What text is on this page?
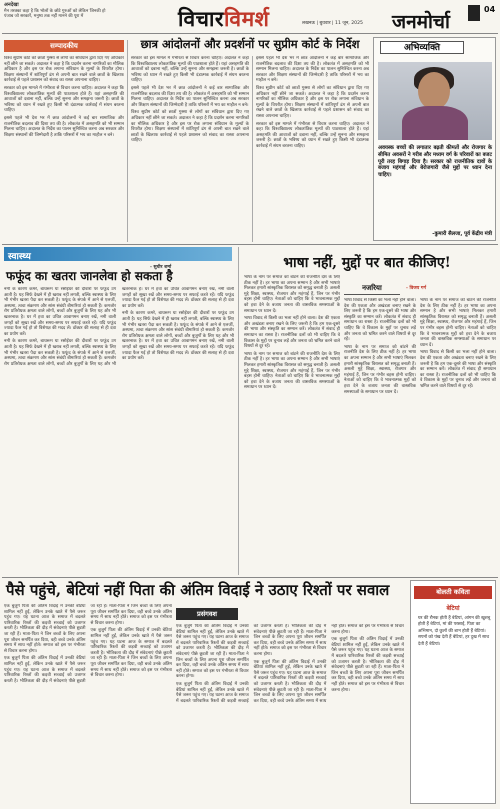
अनदेखा
मैन तरक्का कहा है कि भोलों के छोटे गुरुओं को लेकिन जिनकी हो पंजाब जो सरकारें, मनुष्य तक नहीं मानने की पूरा में	विचारविमर्श	लखनऊ | बुधवार | 11 जून, 2025 जनमोर्चा
04
सम्पादकीय	छात्र आंदोलनों और प्रदर्शनों पर सुप्रीम कोर्ट के निर्देश

विश्व सुप्रीम कोर्ट को छात्रों गुस्सा से लोगों का संविधान द्वारा दिए गए अधिकार नहीं छीने जा सकते। अदालत ने कहा है कि प्रदर्शन करना नागरिकों का मौलिक अधिकार है और इस पर रोक लगाना संविधान के मूल्यों के विपरीत होगा। शिक्षण संस्थानों में शांतिपूर्ण ढंग से अपनी बात रखने वाले छात्रों के खिलाफ कार्रवाई से पहले प्रशासन को संवाद का रास्ता अपनाना चाहिए।

सरकार को इस मामले में गंभीरता से विचार करना चाहिए। अदालत ने कहा कि विश्वविद्यालय लोकतांत्रिक मूल्यों की पाठशाला होते हैं। यहां असहमति की आवाजों को दबाना नहीं, बल्कि उन्हें सुनना और समझना जरूरी है। छात्रों के भविष्य को ध्यान में रखते हुए किसी भी दंडात्मक कार्रवाई में संयम बरतना चाहिए।

इससे पहले भी देश भर में छात्र आंदोलनों ने कई बार सामाजिक और राजनीतिक बदलाव की दिशा तय की है। लोकतंत्र में असहमति को भी सम्मान मिलना चाहिए। अदालत के निर्देश का पालन सुनिश्चित करना अब सरकार और शिक्षण संस्थानों की जिम्मेदारी है ताकि परिसरों में भय का माहौल न बने।

सरकार को इस मामले में गंभीरता से विचार करना चाहिए। अदालत ने कहा कि विश्वविद्यालय लोकतांत्रिक मूल्यों की पाठशाला होते हैं। यहां असहमति की आवाजों को दबाना नहीं, बल्कि उन्हें सुनना और समझना जरूरी है। छात्रों के भविष्य को ध्यान में रखते हुए किसी भी दंडात्मक कार्रवाई में संयम बरतना चाहिए।

इससे पहले भी देश भर में छात्र आंदोलनों ने कई बार सामाजिक और राजनीतिक बदलाव की दिशा तय की है। लोकतंत्र में असहमति को भी सम्मान मिलना चाहिए। अदालत के निर्देश का पालन सुनिश्चित करना अब सरकार और शिक्षण संस्थानों की जिम्मेदारी है ताकि परिसरों में भय का माहौल न बने।

विश्व सुप्रीम कोर्ट को छात्रों गुस्सा से लोगों का संविधान द्वारा दिए गए अधिकार नहीं छीने जा सकते। अदालत ने कहा है कि प्रदर्शन करना नागरिकों का मौलिक अधिकार है और इस पर रोक लगाना संविधान के मूल्यों के विपरीत होगा। शिक्षण संस्थानों में शांतिपूर्ण ढंग से अपनी बात रखने वाले छात्रों के खिलाफ कार्रवाई से पहले प्रशासन को संवाद का रास्ता अपनाना चाहिए।

इससे पहले भी देश भर में छात्र आंदोलनों ने कई बार सामाजिक और राजनीतिक बदलाव की दिशा तय की है। लोकतंत्र में असहमति को भी सम्मान मिलना चाहिए। अदालत के निर्देश का पालन सुनिश्चित करना अब सरकार और शिक्षण संस्थानों की जिम्मेदारी है ताकि परिसरों में भय का माहौल न बने।

विश्व सुप्रीम कोर्ट को छात्रों गुस्सा से लोगों का संविधान द्वारा दिए गए अधिकार नहीं छीने जा सकते। अदालत ने कहा है कि प्रदर्शन करना नागरिकों का मौलिक अधिकार है और इस पर रोक लगाना संविधान के मूल्यों के विपरीत होगा। शिक्षण संस्थानों में शांतिपूर्ण ढंग से अपनी बात रखने वाले छात्रों के खिलाफ कार्रवाई से पहले प्रशासन को संवाद का रास्ता अपनाना चाहिए।

सरकार को इस मामले में गंभीरता से विचार करना चाहिए। अदालत ने कहा कि विश्वविद्यालय लोकतांत्रिक मूल्यों की पाठशाला होते हैं। यहां असहमति की आवाजों को दबाना नहीं, बल्कि उन्हें सुनना और समझना जरूरी है। छात्रों के भविष्य को ध्यान में रखते हुए किसी भी दंडात्मक कार्रवाई में संयम बरतना चाहिए।

अभिव्यक्ति
अवयस्क बच्चों की लगातार बढ़ती कीमतों और रोजगार के सीमित अवसरों ने गरीब और मध्यम वर्ग के परिवारों का बजट पूरी तरह बिगाड़ दिया है। सरकार को राजनीतिक दावों के बजाय महंगाई और बेरोजगारी जैसे मुद्दों पर ध्यान देना चाहिए।
-कुमारी सैलजा, पूर्व केंद्रीय मंत्री
स्वास्थ्य
- सुधीर शर्मा
फफूंद का खतरा जानलेवा हो सकता है

नमी के कारण कमरे, बाथरूम या रसोईघर की दीवारों पर फफूंद उग आती है। यह सिर्फ देखने में ही खराब नहीं लगती, बल्कि स्वास्थ्य के लिए भी गंभीर खतरा पैदा कर सकती है। फफूंद के संपर्क में आने से एलर्जी, अस्थमा, त्वचा संक्रमण और सांस संबंधी बीमारियां हो सकती हैं। कमजोर रोग प्रतिरोधक क्षमता वाले लोगों, बच्चों और बुजुर्गों के लिए यह और भी खतरनाक है। घर में हवा का उचित आवागमन बनाए रखें, नमी वाली जगहों को सूखा रखें और समय-समय पर सफाई करते रहें। यदि फफूंद ज्यादा फैल गई हो तो विशेषज्ञ की मदद लें। डॉक्टर की सलाह से ही दवा का प्रयोग करें।

नमी के कारण कमरे, बाथरूम या रसोईघर की दीवारों पर फफूंद उग आती है। यह सिर्फ देखने में ही खराब नहीं लगती, बल्कि स्वास्थ्य के लिए भी गंभीर खतरा पैदा कर सकती है। फफूंद के संपर्क में आने से एलर्जी, अस्थमा, त्वचा संक्रमण और सांस संबंधी बीमारियां हो सकती हैं। कमजोर रोग प्रतिरोधक क्षमता वाले लोगों, बच्चों और बुजुर्गों के लिए यह और भी खतरनाक है। घर में हवा का उचित आवागमन बनाए रखें, नमी वाली जगहों को सूखा रखें और समय-समय पर सफाई करते रहें। यदि फफूंद ज्यादा फैल गई हो तो विशेषज्ञ की मदद लें। डॉक्टर की सलाह से ही दवा का प्रयोग करें।

नमी के कारण कमरे, बाथरूम या रसोईघर की दीवारों पर फफूंद उग आती है। यह सिर्फ देखने में ही खराब नहीं लगती, बल्कि स्वास्थ्य के लिए भी गंभीर खतरा पैदा कर सकती है। फफूंद के संपर्क में आने से एलर्जी, अस्थमा, त्वचा संक्रमण और सांस संबंधी बीमारियां हो सकती हैं। कमजोर रोग प्रतिरोधक क्षमता वाले लोगों, बच्चों और बुजुर्गों के लिए यह और भी खतरनाक है। घर में हवा का उचित आवागमन बनाए रखें, नमी वाली जगहों को सूखा रखें और समय-समय पर सफाई करते रहें। यदि फफूंद ज्यादा फैल गई हो तो विशेषज्ञ की मदद लें। डॉक्टर की सलाह से ही दवा का प्रयोग करें।

भाषा नहीं, मुद्दों पर बात कीजिए!

भाषा के नाम पर समाज को बांटने की राजनीति देश के लिए ठीक नहीं है। हर भाषा का अपना सम्मान है और सभी भाषाएं मिलकर हमारी सांस्कृतिक विरासत को समृद्ध बनाती हैं। असली मुद्दे शिक्षा, स्वास्थ्य, रोजगार और महंगाई हैं, जिन पर गंभीर बहस होनी चाहिए। नेताओं को चाहिए कि वे भावनात्मक मुद्दों को हवा देने के बजाय जनता की वास्तविक समस्याओं के समाधान पर ध्यान दें।

भाषा विवाद से किसी का भला नहीं होने वाला। देश की एकता और अखंडता बनाए रखने के लिए जरूरी है कि हम एक-दूसरे की भाषा और संस्कृति का सम्मान करें। लोकतंत्र में संवाद ही समाधान का रास्ता है। राजनीतिक दलों को भी चाहिए कि वे विकास के मुद्दों पर चुनाव लड़ें और जनता को भ्रमित करने वाले विषयों से दूर रहें।

भाषा के नाम पर समाज को बांटने की राजनीति देश के लिए ठीक नहीं है। हर भाषा का अपना सम्मान है और सभी भाषाएं मिलकर हमारी सांस्कृतिक विरासत को समृद्ध बनाती हैं। असली मुद्दे शिक्षा, स्वास्थ्य, रोजगार और महंगाई हैं, जिन पर गंभीर बहस होनी चाहिए। नेताओं को चाहिए कि वे भावनात्मक मुद्दों को हवा देने के बजाय जनता की वास्तविक समस्याओं के समाधान पर ध्यान दें।

नजरिया	- विजय गर्ग

भाषा विवाद से किसी का भला नहीं होने वाला। देश की एकता और अखंडता बनाए रखने के लिए जरूरी है कि हम एक-दूसरे की भाषा और संस्कृति का सम्मान करें। लोकतंत्र में संवाद ही समाधान का रास्ता है। राजनीतिक दलों को भी चाहिए कि वे विकास के मुद्दों पर चुनाव लड़ें और जनता को भ्रमित करने वाले विषयों से दूर रहें।

भाषा के नाम पर समाज को बांटने की राजनीति देश के लिए ठीक नहीं है। हर भाषा का अपना सम्मान है और सभी भाषाएं मिलकर हमारी सांस्कृतिक विरासत को समृद्ध बनाती हैं। असली मुद्दे शिक्षा, स्वास्थ्य, रोजगार और महंगाई हैं, जिन पर गंभीर बहस होनी चाहिए। नेताओं को चाहिए कि वे भावनात्मक मुद्दों को हवा देने के बजाय जनता की वास्तविक समस्याओं के समाधान पर ध्यान दें।

भाषा के नाम पर समाज को बांटने की राजनीति देश के लिए ठीक नहीं है। हर भाषा का अपना सम्मान है और सभी भाषाएं मिलकर हमारी सांस्कृतिक विरासत को समृद्ध बनाती हैं। असली मुद्दे शिक्षा, स्वास्थ्य, रोजगार और महंगाई हैं, जिन पर गंभीर बहस होनी चाहिए। नेताओं को चाहिए कि वे भावनात्मक मुद्दों को हवा देने के बजाय जनता की वास्तविक समस्याओं के समाधान पर ध्यान दें।

भाषा विवाद से किसी का भला नहीं होने वाला। देश की एकता और अखंडता बनाए रखने के लिए जरूरी है कि हम एक-दूसरे की भाषा और संस्कृति का सम्मान करें। लोकतंत्र में संवाद ही समाधान का रास्ता है। राजनीतिक दलों को भी चाहिए कि वे विकास के मुद्दों पर चुनाव लड़ें और जनता को भ्रमित करने वाले विषयों से दूर रहें।

पैसे पहुंचे, बेटियां नहीं पिता की अंतिम विदाई ने उठाए रिश्तों पर सवाल
प्रसंगवश

एक बुजुर्ग पिता की अंतिम विदाई में उनकी बेटियां शामिल नहीं हुईं, लेकिन उनके खाते में पैसे जरूर पहुंच गए। यह घटना आज के समाज में बदलते पारिवारिक रिश्तों की कड़वी सच्चाई को उजागर करती है। भौतिकता की दौड़ में संवेदनाएं पीछे छूटती जा रही हैं। माता-पिता ने जिन बच्चों के लिए अपना पूरा जीवन समर्पित कर दिया, वही बच्चे उनके अंतिम समय में साथ नहीं होते। समाज को इस पर गंभीरता से विचार करना होगा।

एक बुजुर्ग पिता की अंतिम विदाई में उनकी बेटियां शामिल नहीं हुईं, लेकिन उनके खाते में पैसे जरूर पहुंच गए। यह घटना आज के समाज में बदलते पारिवारिक रिश्तों की कड़वी सच्चाई को उजागर करती है। भौतिकता की दौड़ में संवेदनाएं पीछे छूटती जा रही हैं। माता-पिता ने जिन बच्चों के लिए अपना पूरा जीवन समर्पित कर दिया, वही बच्चे उनके अंतिम समय में साथ नहीं होते। समाज को इस पर गंभीरता से विचार करना होगा।

एक बुजुर्ग पिता की अंतिम विदाई में उनकी बेटियां शामिल नहीं हुईं, लेकिन उनके खाते में पैसे जरूर पहुंच गए। यह घटना आज के समाज में बदलते पारिवारिक रिश्तों की कड़वी सच्चाई को उजागर करती है। भौतिकता की दौड़ में संवेदनाएं पीछे छूटती जा रही हैं। माता-पिता ने जिन बच्चों के लिए अपना पूरा जीवन समर्पित कर दिया, वही बच्चे उनके अंतिम समय में साथ नहीं होते। समाज को इस पर गंभीरता से विचार करना होगा।

एक बुजुर्ग पिता की अंतिम विदाई में उनकी बेटियां शामिल नहीं हुईं, लेकिन उनके खाते में पैसे जरूर पहुंच गए। यह घटना आज के समाज में बदलते पारिवारिक रिश्तों की कड़वी सच्चाई को उजागर करती है। भौतिकता की दौड़ में संवेदनाएं पीछे छूटती जा रही हैं। माता-पिता ने जिन बच्चों के लिए अपना पूरा जीवन समर्पित कर दिया, वही बच्चे उनके अंतिम समय में साथ नहीं होते। समाज को इस पर गंभीरता से विचार करना होगा।

एक बुजुर्ग पिता की अंतिम विदाई में उनकी बेटियां शामिल नहीं हुईं, लेकिन उनके खाते में पैसे जरूर पहुंच गए। यह घटना आज के समाज में बदलते पारिवारिक रिश्तों की कड़वी सच्चाई को उजागर करती है। भौतिकता की दौड़ में संवेदनाएं पीछे छूटती जा रही हैं। माता-पिता ने जिन बच्चों के लिए अपना पूरा जीवन समर्पित कर दिया, वही बच्चे उनके अंतिम समय में साथ नहीं होते। समाज को इस पर गंभीरता से विचार करना होगा।

एक बुजुर्ग पिता की अंतिम विदाई में उनकी बेटियां शामिल नहीं हुईं, लेकिन उनके खाते में पैसे जरूर पहुंच गए। यह घटना आज के समाज में बदलते पारिवारिक रिश्तों की कड़वी सच्चाई को उजागर करती है। भौतिकता की दौड़ में संवेदनाएं पीछे छूटती जा रही हैं। माता-पिता ने जिन बच्चों के लिए अपना पूरा जीवन समर्पित कर दिया, वही बच्चे उनके अंतिम समय में साथ नहीं होते। समाज को इस पर गंभीरता से विचार करना होगा।

एक बुजुर्ग पिता की अंतिम विदाई में उनकी बेटियां शामिल नहीं हुईं, लेकिन उनके खाते में पैसे जरूर पहुंच गए। यह घटना आज के समाज में बदलते पारिवारिक रिश्तों की कड़वी सच्चाई को उजागर करती है। भौतिकता की दौड़ में संवेदनाएं पीछे छूटती जा रही हैं। माता-पिता ने जिन बच्चों के लिए अपना पूरा जीवन समर्पित कर दिया, वही बच्चे उनके अंतिम समय में साथ नहीं होते। समाज को इस पर गंभीरता से विचार करना होगा।

बोलती कविता
बेटियां
घर की रौनक होती हैं बेटियां, आंगन की खुशबू होती हैं बेटियां, मां की परछाईं, पिता का अभिमान, दो कुलों की शान होती हैं बेटियां। सपनों को पंख देती हैं बेटियां, हर दुख में साथ देती हैं बेटियां।
